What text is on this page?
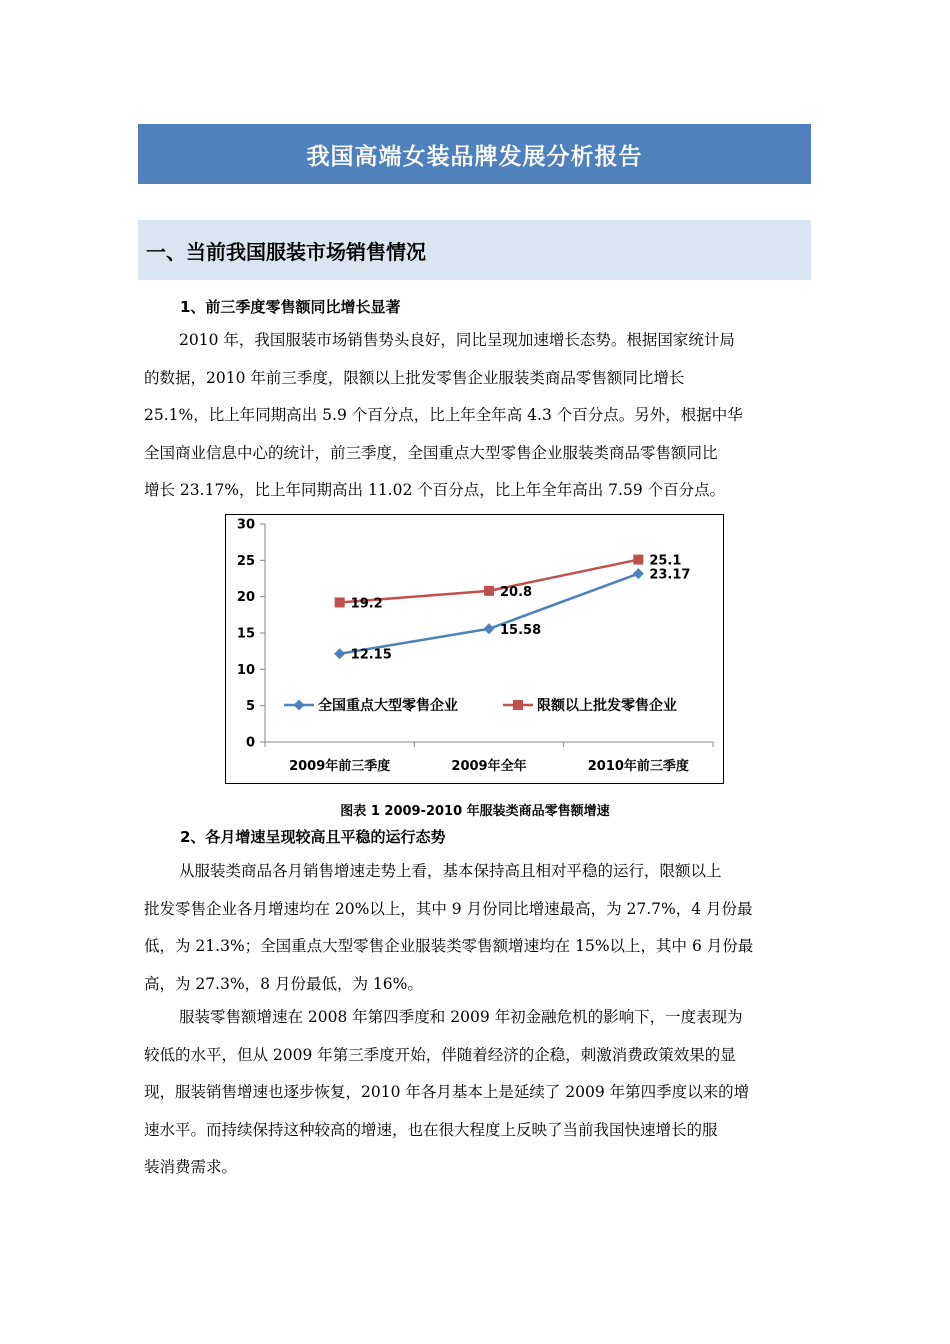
我国高端女装品牌发展分析报告
一、当前我国服装市场销售情况
1、前三季度零售额同比增长显著
2010 年，我国服装市场销售势头良好，同比呈现加速增长态势。根据国家统计局
的数据，2010 年前三季度，限额以上批发零售企业服装类商品零售额同比增长
25.1%，比上年同期高出 5.9 个百分点，比上年全年高 4.3 个百分点。另外，根据中华
全国商业信息中心的统计，前三季度，全国重点大型零售企业服装类商品零售额同比
增长 23.17%，比上年同期高出 11.02 个百分点，比上年全年高出 7.59 个百分点。
0
5
10
15
20
25
30
2009年前三季度	2009年全年	2010年前三季度
12.15
15.58
23.17
19.2
20.8
25.1
全国重点大型零售企业	限额以上批发零售企业
图表 1 2009-2010 年服装类商品零售额增速
2、各月增速呈现较高且平稳的运行态势
从服装类商品各月销售增速走势上看，基本保持高且相对平稳的运行，限额以上
批发零售企业各月增速均在 20%以上，其中 9 月份同比增速最高，为 27.7%，4 月份最
低，为 21.3%；全国重点大型零售企业服装类零售额增速均在 15%以上，其中 6 月份最
高，为 27.3%，8 月份最低，为 16%。
服装零售额增速在 2008 年第四季度和 2009 年初金融危机的影响下，一度表现为
较低的水平，但从 2009 年第三季度开始，伴随着经济的企稳，刺激消费政策效果的显
现，服装销售增速也逐步恢复，2010 年各月基本上是延续了 2009 年第四季度以来的增
速水平。而持续保持这种较高的增速，也在很大程度上反映了当前我国快速增长的服
装消费需求。
